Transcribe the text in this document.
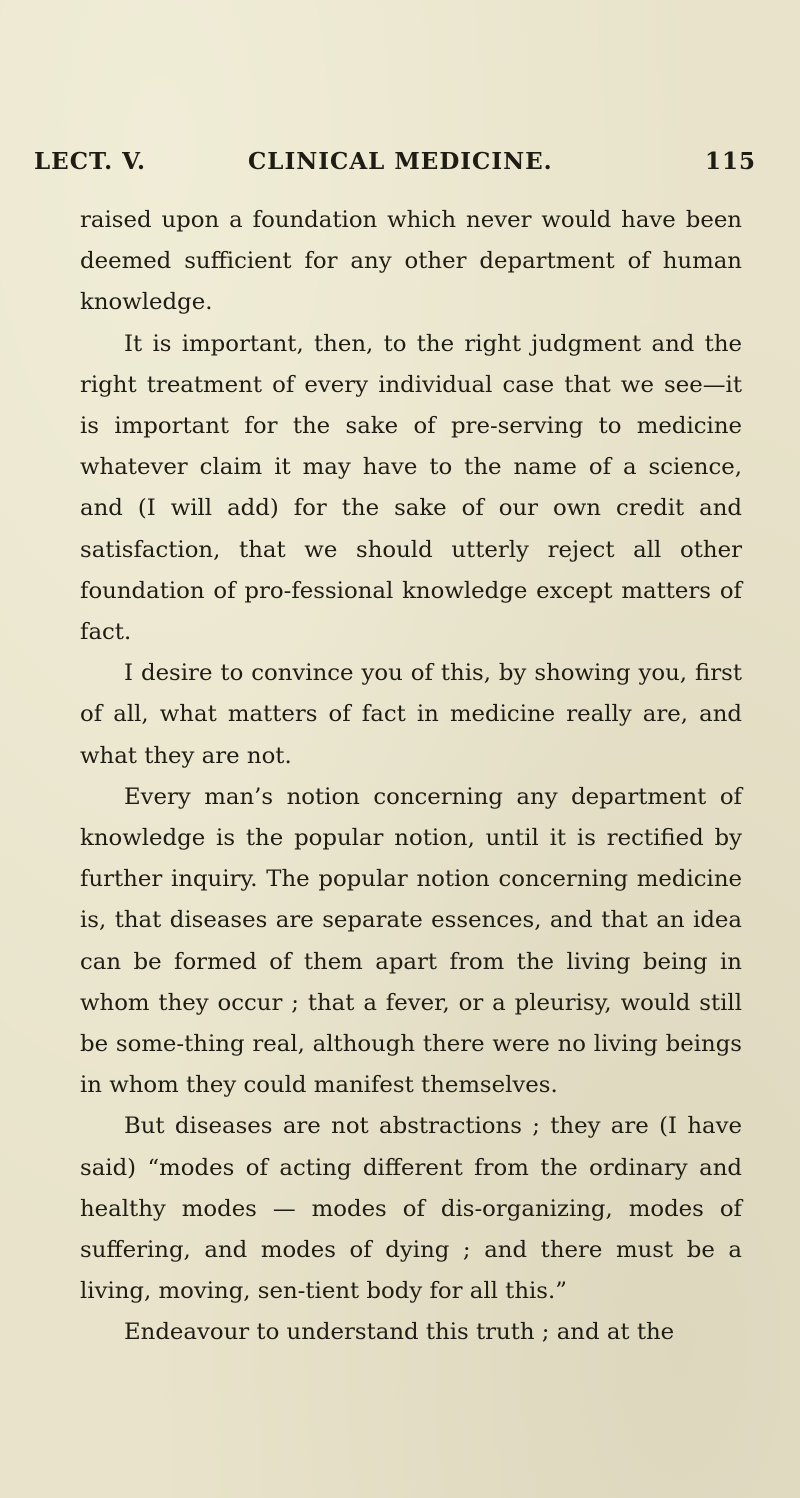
LECT. V.	CLINICAL MEDICINE.	115

raised upon a foundation which never would have been deemed sufficient for any other department of human knowledge.

It is important, then, to the right judgment and the right treatment of every individual case that we see—it is important for the sake of pre-serving to medicine whatever claim it may have to the name of a science, and (I will add) for the sake of our own credit and satisfaction, that we should utterly reject all other foundation of pro-fessional knowledge except matters of fact.

I desire to convince you of this, by showing you, first of all, what matters of fact in medicine really are, and what they are not.

Every man’s notion concerning any department of knowledge is the popular notion, until it is rectified by further inquiry. The popular notion concerning medicine is, that diseases are separate essences, and that an idea can be formed of them apart from the living being in whom they occur ; that a fever, or a pleurisy, would still be some-thing real, although there were no living beings in whom they could manifest themselves.

But diseases are not abstractions ; they are (I have said) “modes of acting different from the ordinary and healthy modes — modes of dis-organizing, modes of suffering, and modes of dying ; and there must be a living, moving, sen-tient body for all this.”

Endeavour to understand this truth ; and at the
